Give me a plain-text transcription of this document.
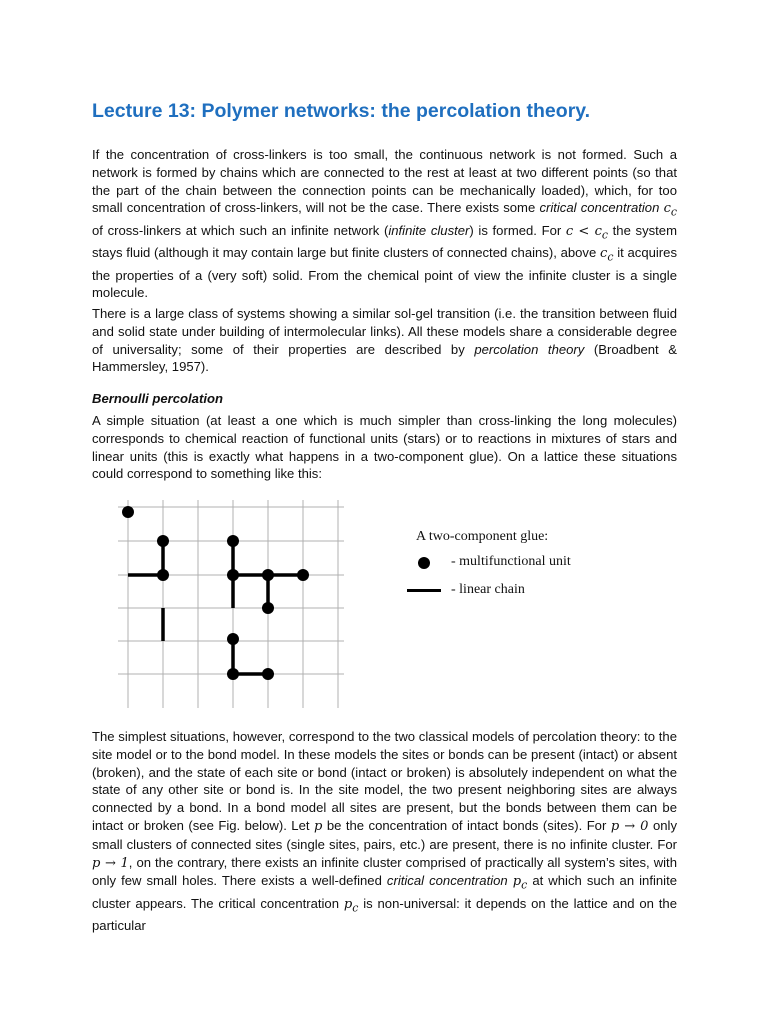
Lecture 13: Polymer networks: the percolation theory.

If the concentration of cross-linkers is too small, the continuous network is not formed. Such a network is formed by chains which are connected to the rest at least at two different points (so that the part of the chain between the connection points can be mechanically loaded), which, for too small concentration of cross-linkers, will not be the case. There exists some critical concentration $c_c$ of cross-linkers at which such an infinite network (infinite cluster) is formed. For $c < c_c$ the system stays fluid (although it may contain large but finite clusters of connected chains), above $c_c$ it acquires the properties of a (very soft) solid. From the chemical point of view the infinite cluster is a single molecule.

There is a large class of systems showing a similar sol-gel transition (i.e. the transition between fluid and solid state under building of intermolecular links). All these models share a considerable degree of universality; some of their properties are described by percolation theory (Broadbent & Hammersley, 1957).

Bernoulli percolation

A simple situation (at least a one which is much simpler than cross-linking the long molecules) corresponds to chemical reaction of functional units (stars) or to reactions in mixtures of stars and linear units (this is exactly what happens in a two-component glue). On a lattice these situations could correspond to something like this:

The simplest situations, however, correspond to the two classical models of percolation theory: to the site model or to the bond model. In these models the sites or bonds can be present (intact) or absent (broken), and the state of each site or bond (intact or broken) is absolutely independent on what the state of any other site or bond is. In the site model, the two present neighboring sites are always connected by a bond. In a bond model all sites are present, but the bonds between them can be intact or broken (see Fig. below). Let p be the concentration of intact bonds (sites). For p → 0 only small clusters of connected sites (single sites, pairs, etc.) are present, there is no infinite cluster. For p → 1, on the contrary, there exists an infinite cluster comprised of practically all system’s sites, with only few small holes. There exists a well-defined critical concentration $p_c$ at which such an infinite cluster appears. The critical concentration $p_c$ is non-universal: it depends on the lattice and on the particular

A two-component glue:
- multifunctional unit
- linear chain
